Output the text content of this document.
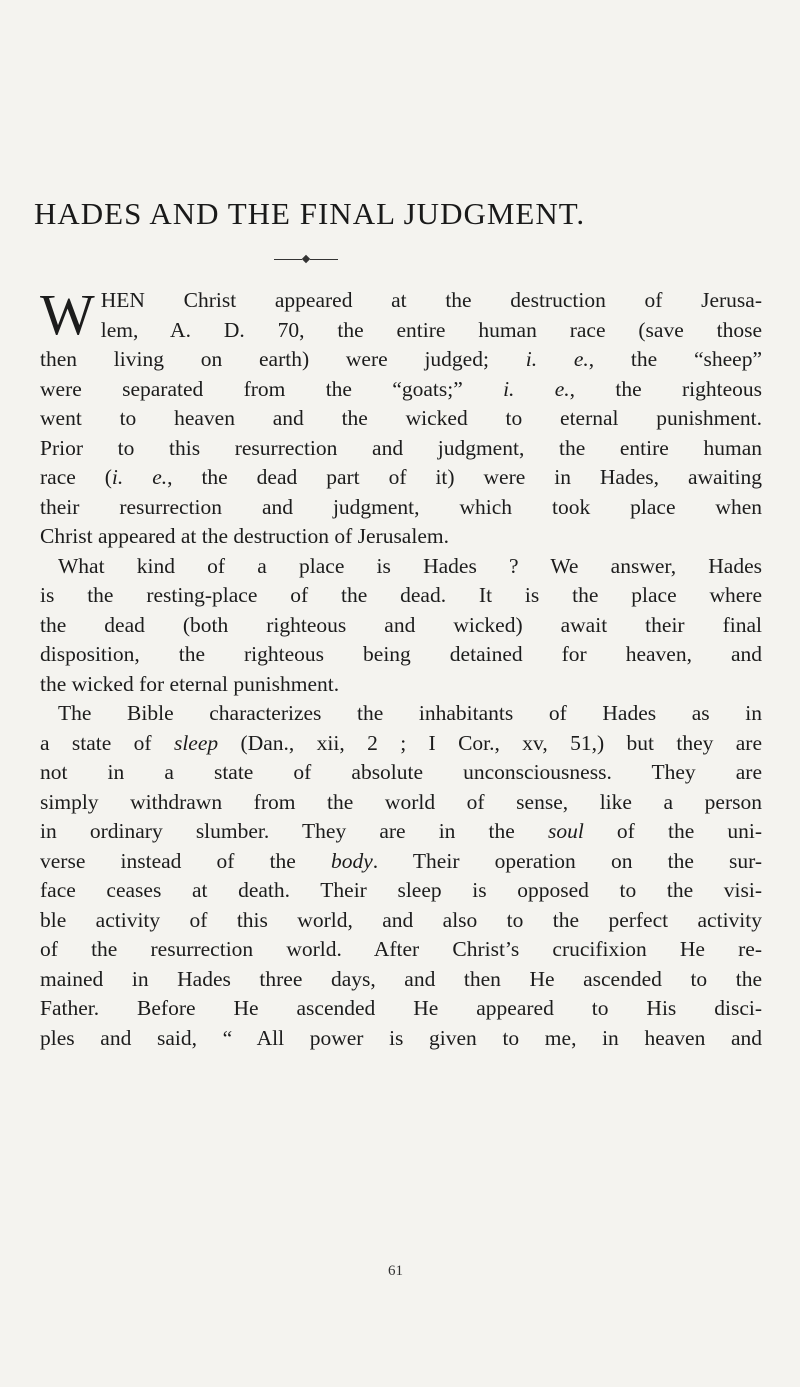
HADES AND THE FINAL JUDGMENT.
W HEN Christ appeared at the destruction of Jerusa-
lem, A. D. 70, the entire human race (save those
then living on earth) were judged; i. e., the “sheep”
were separated from the “goats;” i. e., the righteous
went to heaven and the wicked to eternal punishment.
Prior to this resurrection and judgment, the entire human
race (i. e., the dead part of it) were in Hades, awaiting
their resurrection and judgment, which took place when
Christ appeared at the destruction of Jerusalem.
What kind of a place is Hades ? We answer, Hades
is the resting-place of the dead. It is the place where
the dead (both righteous and wicked) await their final
disposition, the righteous being detained for heaven, and
the wicked for eternal punishment.
The Bible characterizes the inhabitants of Hades as in
a state of sleep (Dan., xii, 2 ; I Cor., xv, 51,) but they are
not in a state of absolute unconsciousness. They are
simply withdrawn from the world of sense, like a person
in ordinary slumber. They are in the soul of the uni-
verse instead of the body. Their operation on the sur-
face ceases at death. Their sleep is opposed to the visi-
ble activity of this world, and also to the perfect activity
of the resurrection world. After Christ’s crucifixion He re-
mained in Hades three days, and then He ascended to the
Father. Before He ascended He appeared to His disci-
ples and said, “ All power is given to me, in heaven and
61
